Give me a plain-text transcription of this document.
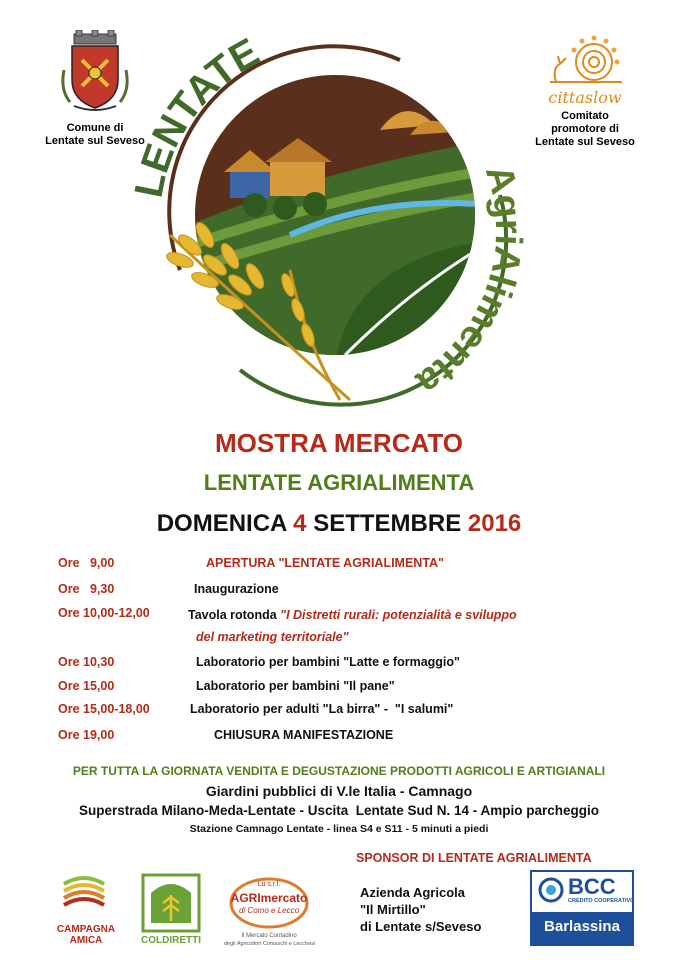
Comune di
Lentate sul Seveso
cittaslow
Comitato
promotore di
Lentate sul Seveso
LENTATE
AgriAlimenta
MOSTRA MERCATO
LENTATE AGRIALIMENTA
DOMENICA 4 SETTEMBRE 2016
Ore   9,00	APERTURA "LENTATE AGRIALIMENTA"
Ore   9,30	Inaugurazione
Ore 10,00-12,00	Tavola rotonda "I Distretti rurali: potenzialità e sviluppo
del marketing territoriale"
Ore 10,30	Laboratorio per bambini "Latte e formaggio"
Ore 15,00	Laboratorio per bambini "Il pane"
Ore 15,00-18,00	Laboratorio per adulti "La birra" -  "I salumi"
Ore 19,00	CHIUSURA MANIFESTAZIONE
PER TUTTA LA GIORNATA VENDITA E DEGUSTAZIONE PRODOTTI AGRICOLI E ARTIGIANALI
Giardini pubblici di V.le Italia - Camnago
Superstrada Milano-Meda-Lentate - Uscita  Lentate Sud N. 14 - Ampio parcheggio
Stazione Camnago Lentate - linea S4 e S11 - 5 minuti a piedi
SPONSOR DI LENTATE AGRIALIMENTA
CAMPAGNA
AMICA	COLDIRETTI
Lu s.r.l.
AGRImercato
di Como e Lecco
Il Mercato Contadino
degli Agricoltori Comaschi e Lecchesi
Azienda Agricola
"Il Mirtillo"
di Lentate s/Seveso
BCC
CREDITO COOPERATIVO
Barlassina
